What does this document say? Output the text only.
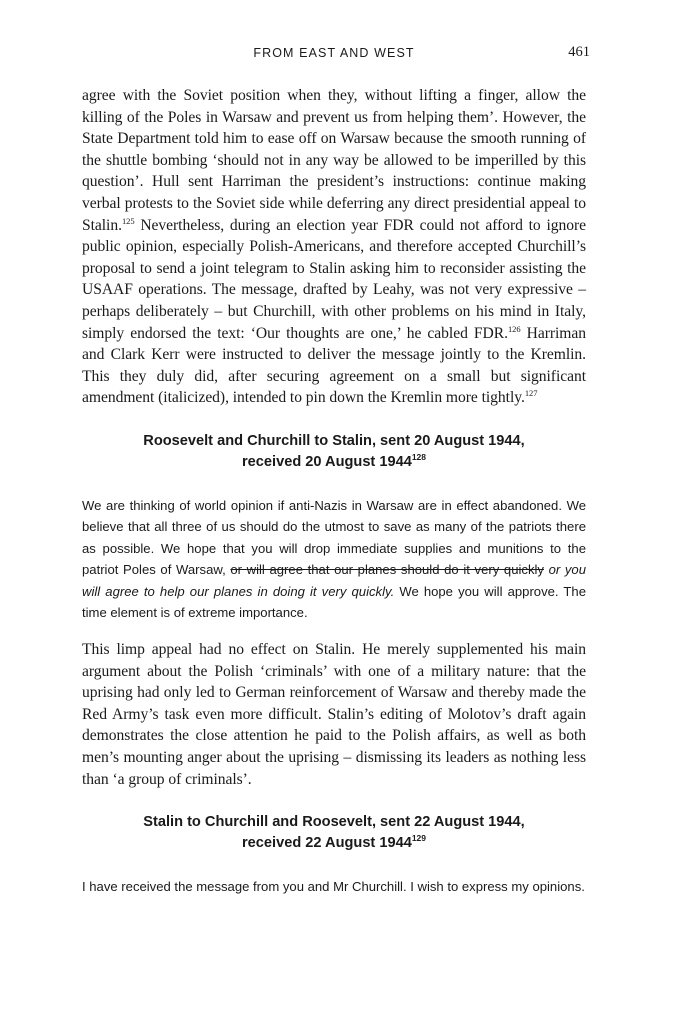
FROM EAST AND WEST	461

agree with the Soviet position when they, without lifting a finger, allow the killing of the Poles in Warsaw and prevent us from helping them’. However, the State Department told him to ease off on Warsaw because the smooth running of the shuttle bombing ‘should not in any way be allowed to be imperilled by this question’. Hull sent Harriman the president’s instructions: continue making verbal protests to the Soviet side while deferring any direct presidential appeal to Stalin.$^{125}$ Nevertheless, during an election year FDR could not afford to ignore public opinion, especially Polish-Americans, and therefore accepted Churchill’s proposal to send a joint telegram to Stalin asking him to reconsider assisting the USAAF operations. The message, drafted by Leahy, was not very expressive – perhaps deliberately – but Churchill, with other problems on his mind in Italy, simply endorsed the text: ‘Our thoughts are one,’ he cabled FDR.$^{126}$ Harriman and Clark Kerr were instructed to deliver the message jointly to the Kremlin. This they duly did, after securing agreement on a small but significant amendment (italicized), intended to pin down the Kremlin more tightly.$^{127}$

Roosevelt and Churchill to Stalin, sent 20 August 1944,
received 20 August 1944$^{128}$

We are thinking of world opinion if anti-Nazis in Warsaw are in effect abandoned. We believe that all three of us should do the utmost to save as many of the patriots there as possible. We hope that you will drop immediate supplies and munitions to the patriot Poles of Warsaw, or will agree that our planes should do it very quickly or you will agree to help our planes in doing it very quickly. We hope you will approve. The time element is of extreme importance.

This limp appeal had no effect on Stalin. He merely supplemented his main argument about the Polish ‘criminals’ with one of a military nature: that the uprising had only led to German reinforcement of Warsaw and thereby made the Red Army’s task even more difficult. Stalin’s editing of Molotov’s draft again demonstrates the close attention he paid to the Polish affairs, as well as both men’s mounting anger about the uprising – dismissing its leaders as nothing less than ‘a group of criminals’.

Stalin to Churchill and Roosevelt, sent 22 August 1944,
received 22 August 1944$^{129}$

I have received the message from you and Mr Churchill. I wish to express my opinions.
